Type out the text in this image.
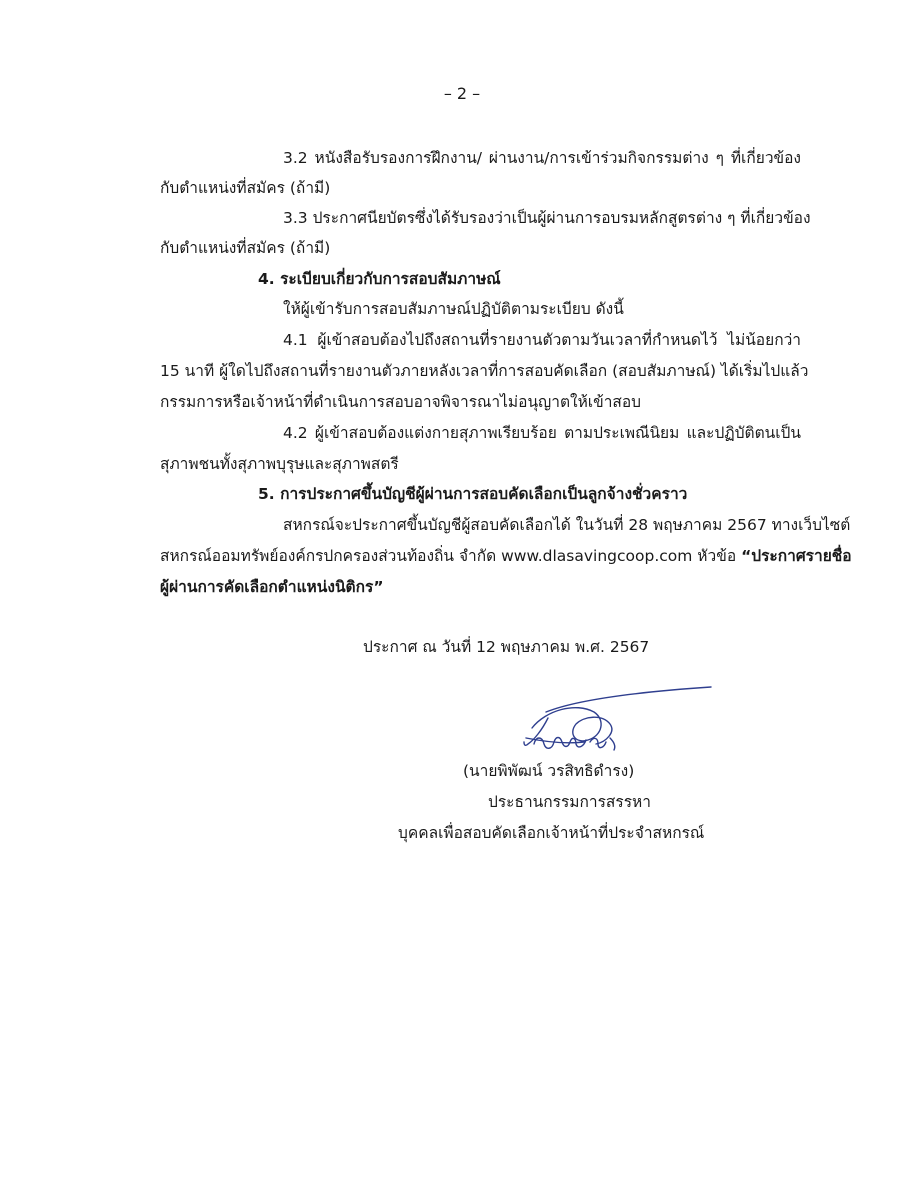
– 2 –
3.2 หนังสือรับรองการฝึกงาน/ ผ่านงาน/การเข้าร่วมกิจกรรมต่าง ๆ ที่เกี่ยวข้อง
กับตำแหน่งที่สมัคร (ถ้ามี)
3.3 ประกาศนียบัตรซึ่งได้รับรองว่าเป็นผู้ผ่านการอบรมหลักสูตรต่าง ๆ ที่เกี่ยวข้อง
กับตำแหน่งที่สมัคร (ถ้ามี)
4. ระเบียบเกี่ยวกับการสอบสัมภาษณ์
ให้ผู้เข้ารับการสอบสัมภาษณ์ปฏิบัติตามระเบียบ ดังนี้
4.1 ผู้เข้าสอบต้องไปถึงสถานที่รายงานตัวตามวันเวลาที่กำหนดไว้ ไม่น้อยกว่า
15 นาที ผู้ใดไปถึงสถานที่รายงานตัวภายหลังเวลาที่การสอบคัดเลือก (สอบสัมภาษณ์) ได้เริ่มไปแล้ว
กรรมการหรือเจ้าหน้าที่ดำเนินการสอบอาจพิจารณาไม่อนุญาตให้เข้าสอบ
4.2 ผู้เข้าสอบต้องแต่งกายสุภาพเรียบร้อย ตามประเพณีนิยม และปฏิบัติตนเป็น
สุภาพชนทั้งสุภาพบุรุษและสุภาพสตรี
5. การประกาศขึ้นบัญชีผู้ผ่านการสอบคัดเลือกเป็นลูกจ้างชั่วคราว
สหกรณ์จะประกาศขึ้นบัญชีผู้สอบคัดเลือกได้ ในวันที่ 28 พฤษภาคม 2567 ทางเว็บไซต์
สหกรณ์ออมทรัพย์องค์กรปกครองส่วนท้องถิ่น จำกัด www.dlasavingcoop.com หัวข้อ “ประกาศรายชื่อ
ผู้ผ่านการคัดเลือกตำแหน่งนิติกร”
ประกาศ ณ วันที่ 12 พฤษภาคม พ.ศ. 2567
(นายพิพัฒน์ วรสิทธิดำรง)
ประธานกรรมการสรรหา
บุคคลเพื่อสอบคัดเลือกเจ้าหน้าที่ประจำสหกรณ์
